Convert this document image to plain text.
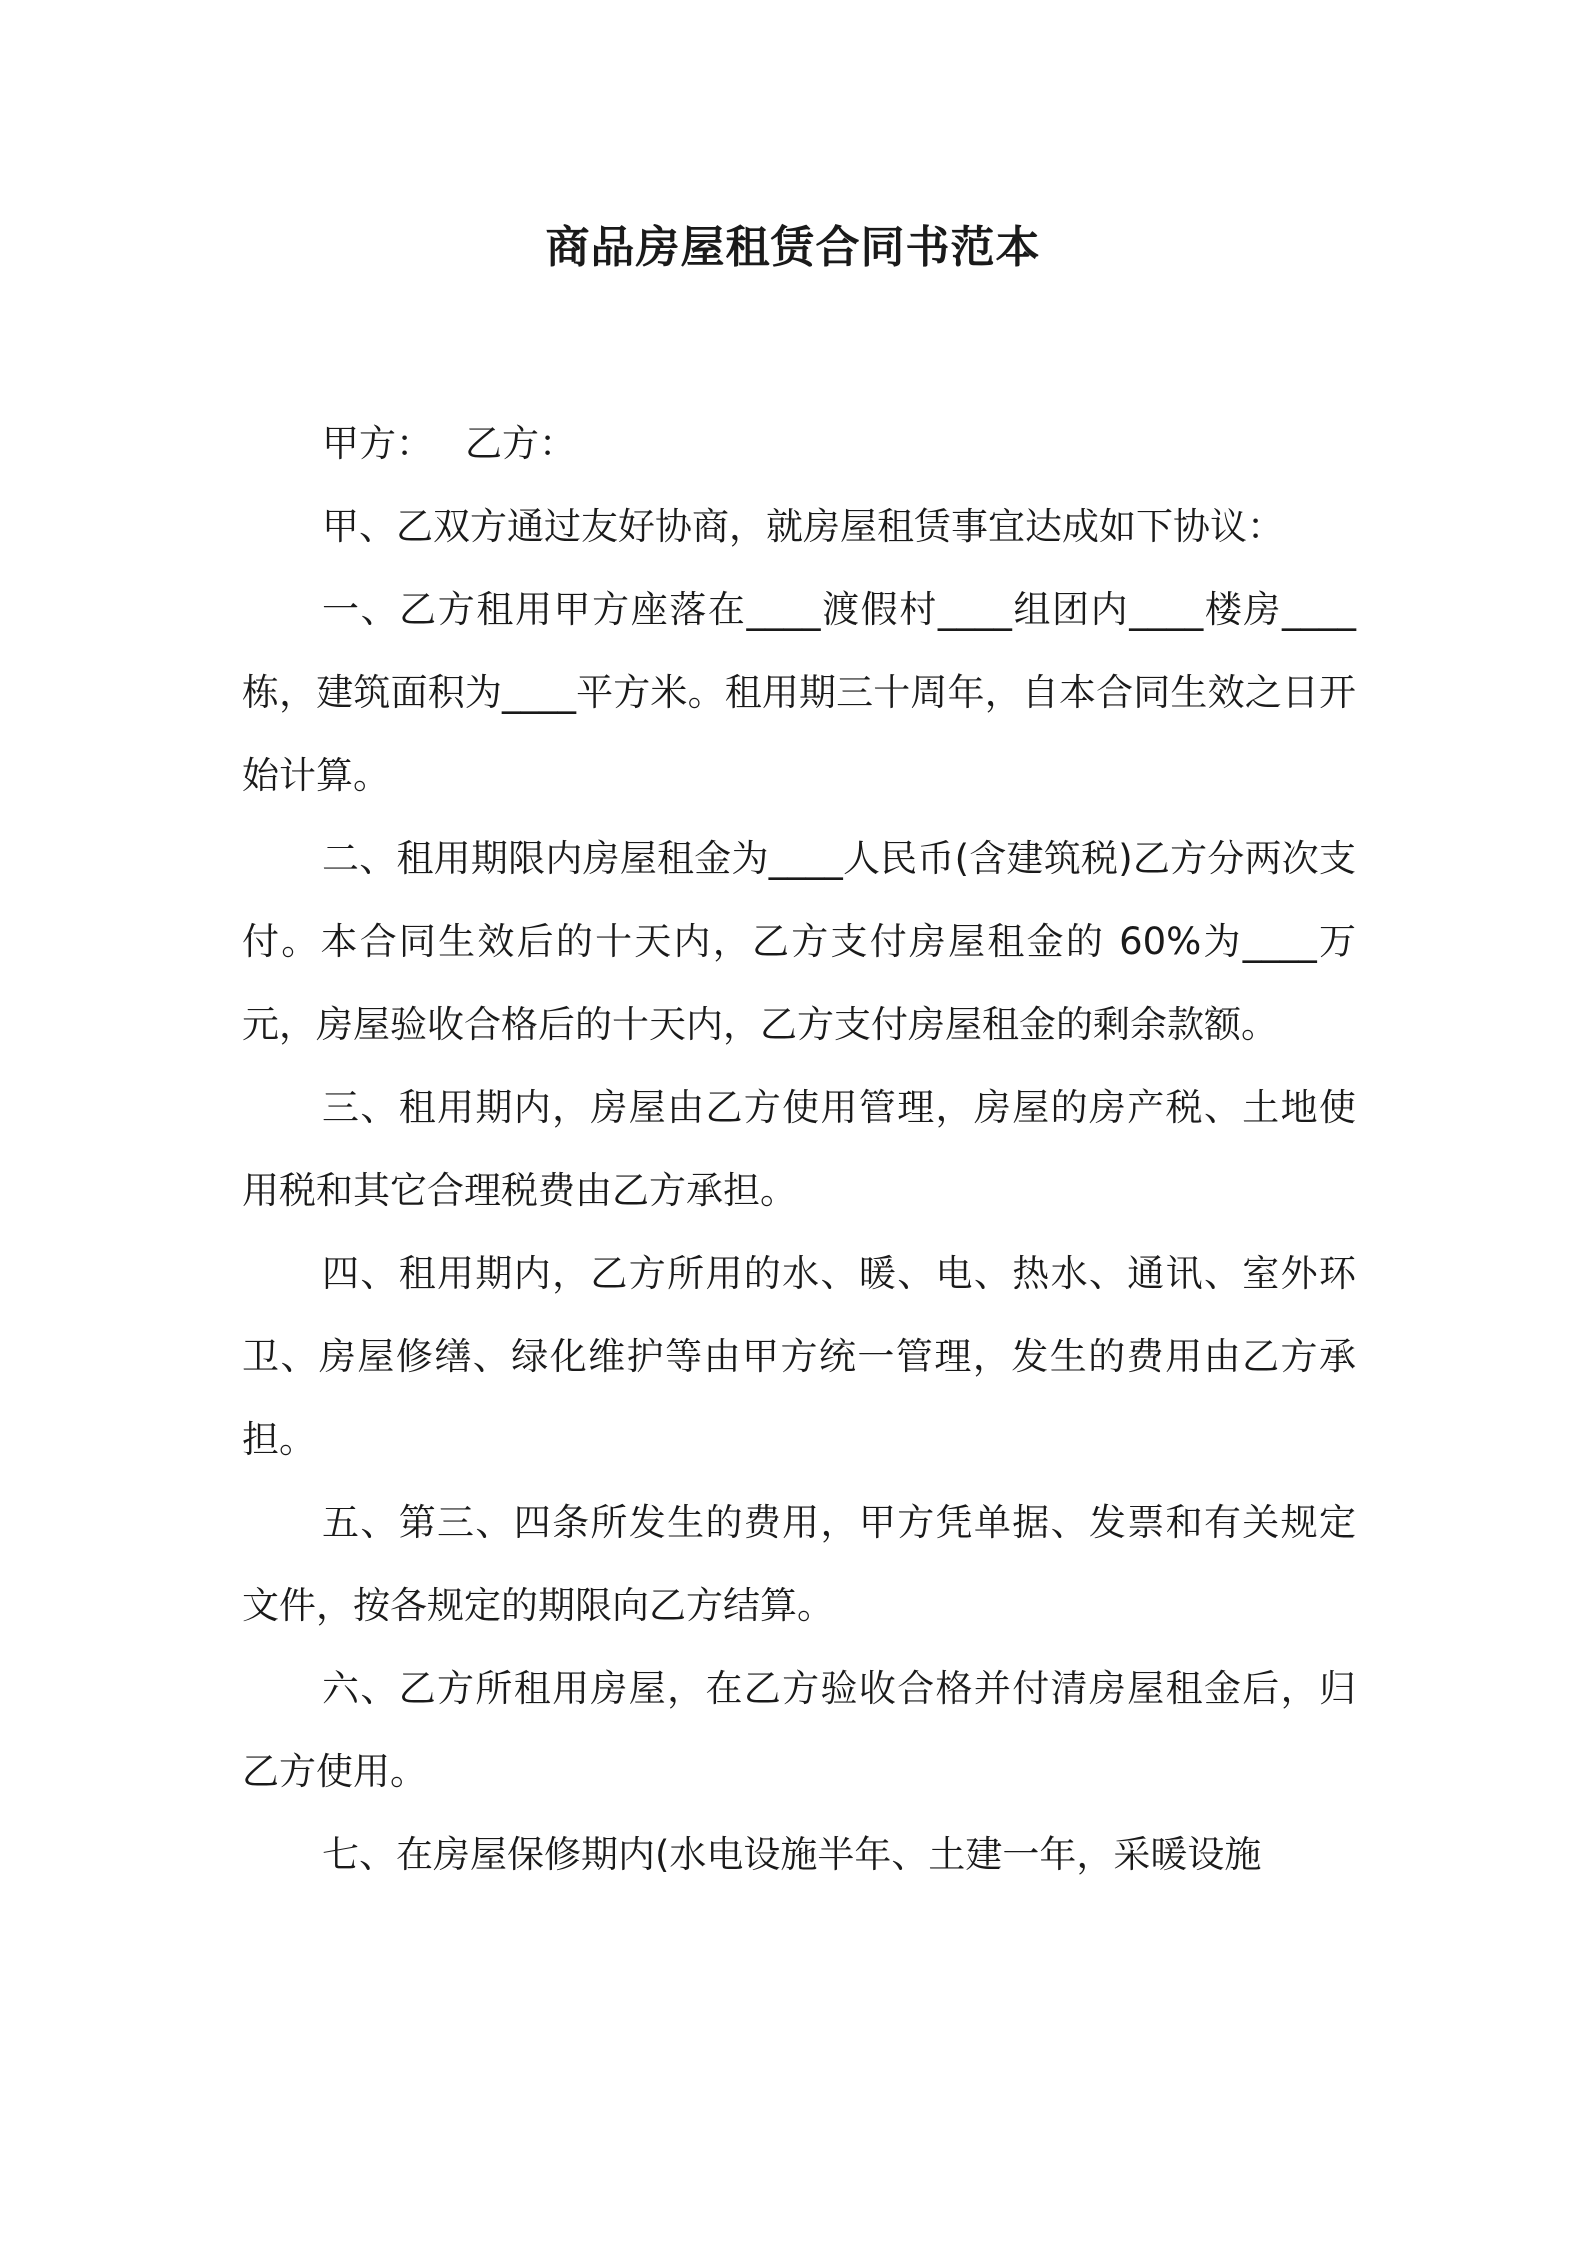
商品房屋租赁合同书范本

甲方： 乙方：

甲、乙双方通过友好协商，就房屋租赁事宜达成如下协议：

一、乙方租用甲方座落在____渡假村____组团内____楼房____栋，建筑面积为____平方米。租用期三十周年，自本合同生效之日开始计算。

二、租用期限内房屋租金为____人民币(含建筑税)乙方分两次支付。本合同生效后的十天内，乙方支付房屋租金的 60%为____万元，房屋验收合格后的十天内，乙方支付房屋租金的剩余款额。

三、租用期内，房屋由乙方使用管理，房屋的房产税、土地使用税和其它合理税费由乙方承担。

四、租用期内，乙方所用的水、暖、电、热水、通讯、室外环卫、房屋修缮、绿化维护等由甲方统一管理，发生的费用由乙方承担。

五、第三、四条所发生的费用，甲方凭单据、发票和有关规定文件，按各规定的期限向乙方结算。

六、乙方所租用房屋，在乙方验收合格并付清房屋租金后，归乙方使用。

七、在房屋保修期内(水电设施半年、土建一年，采暖设施
